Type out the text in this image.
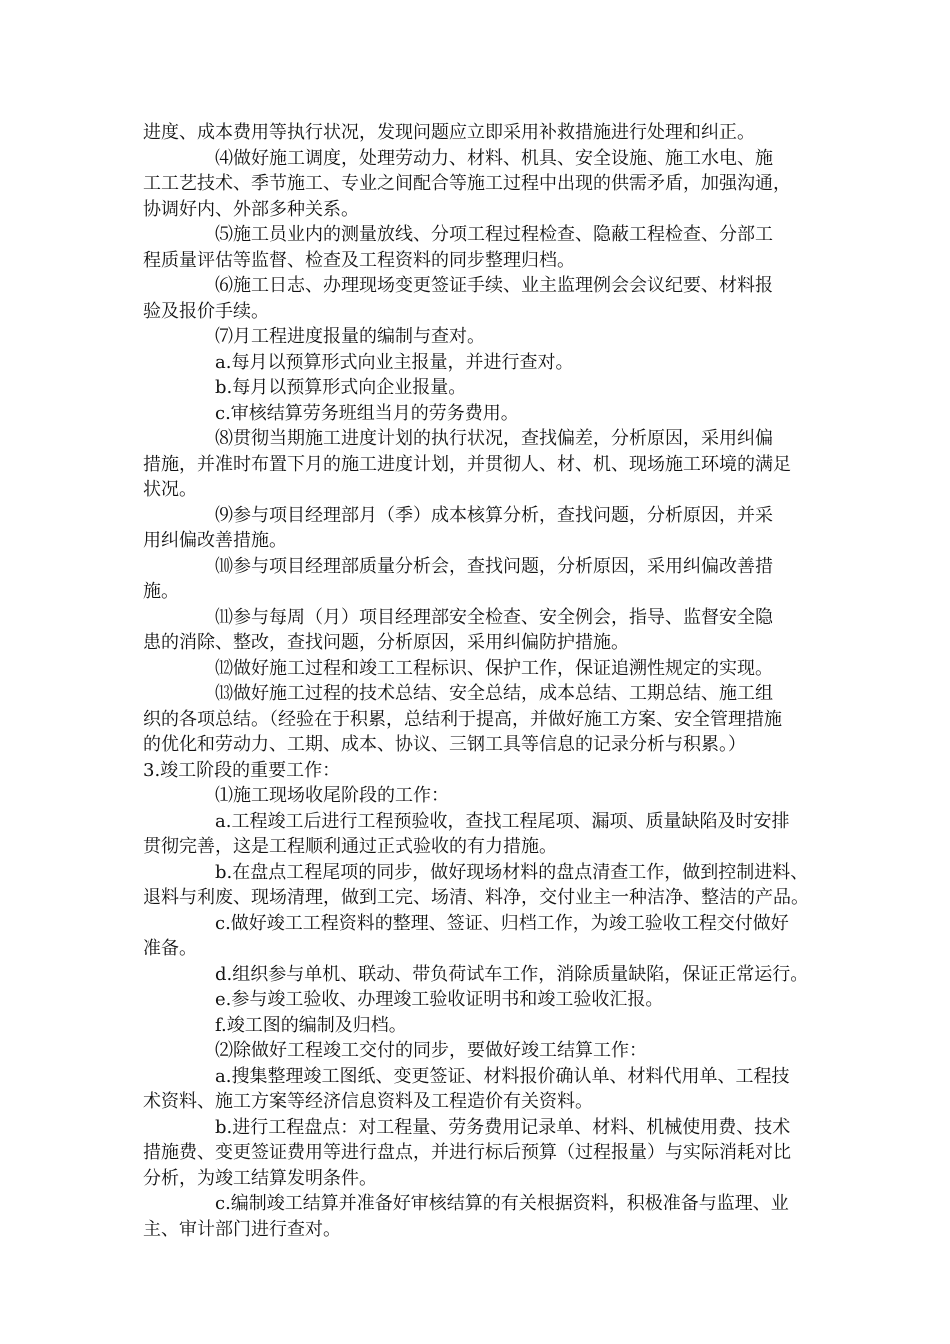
进度、成本费用等执行状况，发现问题应立即采用补救措施进行处理和纠正。
⑷做好施工调度，处理劳动力、材料、机具、安全设施、施工水电、施
工工艺技术、季节施工、专业之间配合等施工过程中出现的供需矛盾，加强沟通，
协调好内、外部多种关系。
⑸施工员业内的测量放线、分项工程过程检查、隐蔽工程检查、分部工
程质量评估等监督、检查及工程资料的同步整理归档。
⑹施工日志、办理现场变更签证手续、业主监理例会会议纪要、材料报
验及报价手续。
⑺月工程进度报量的编制与查对。
a.每月以预算形式向业主报量，并进行查对。
b.每月以预算形式向企业报量。
c.审核结算劳务班组当月的劳务费用。
⑻贯彻当期施工进度计划的执行状况，查找偏差，分析原因，采用纠偏
措施，并准时布置下月的施工进度计划，并贯彻人、材、机、现场施工环境的满足
状况。
⑼参与项目经理部月（季）成本核算分析，查找问题，分析原因，并采
用纠偏改善措施。
⑽参与项目经理部质量分析会，查找问题，分析原因，采用纠偏改善措
施。
⑾参与每周（月）项目经理部安全检查、安全例会，指导、监督安全隐
患的消除、整改，查找问题，分析原因，采用纠偏防护措施。
⑿做好施工过程和竣工工程标识、保护工作，保证追溯性规定的实现。
⒀做好施工过程的技术总结、安全总结，成本总结、工期总结、施工组
织的各项总结。（经验在于积累，总结利于提高，并做好施工方案、安全管理措施
的优化和劳动力、工期、成本、协议、三钢工具等信息的记录分析与积累。）
3.竣工阶段的重要工作：
⑴施工现场收尾阶段的工作：
a.工程竣工后进行工程预验收，查找工程尾项、漏项、质量缺陷及时安排
贯彻完善，这是工程顺利通过正式验收的有力措施。
b.在盘点工程尾项的同步，做好现场材料的盘点清查工作，做到控制进料、
退料与利废、现场清理，做到工完、场清、料净，交付业主一种洁净、整洁的产品。
c.做好竣工工程资料的整理、签证、归档工作，为竣工验收工程交付做好
准备。
d.组织参与单机、联动、带负荷试车工作，消除质量缺陷，保证正常运行。
e.参与竣工验收、办理竣工验收证明书和竣工验收汇报。
f.竣工图的编制及归档。
⑵除做好工程竣工交付的同步，要做好竣工结算工作：
a.搜集整理竣工图纸、变更签证、材料报价确认单、材料代用单、工程技
术资料、施工方案等经济信息资料及工程造价有关资料。
b.进行工程盘点：对工程量、劳务费用记录单、材料、机械使用费、技术
措施费、变更签证费用等进行盘点，并进行标后预算（过程报量）与实际消耗对比
分析，为竣工结算发明条件。
c.编制竣工结算并准备好审核结算的有关根据资料，积极准备与监理、业
主、审计部门进行查对。
